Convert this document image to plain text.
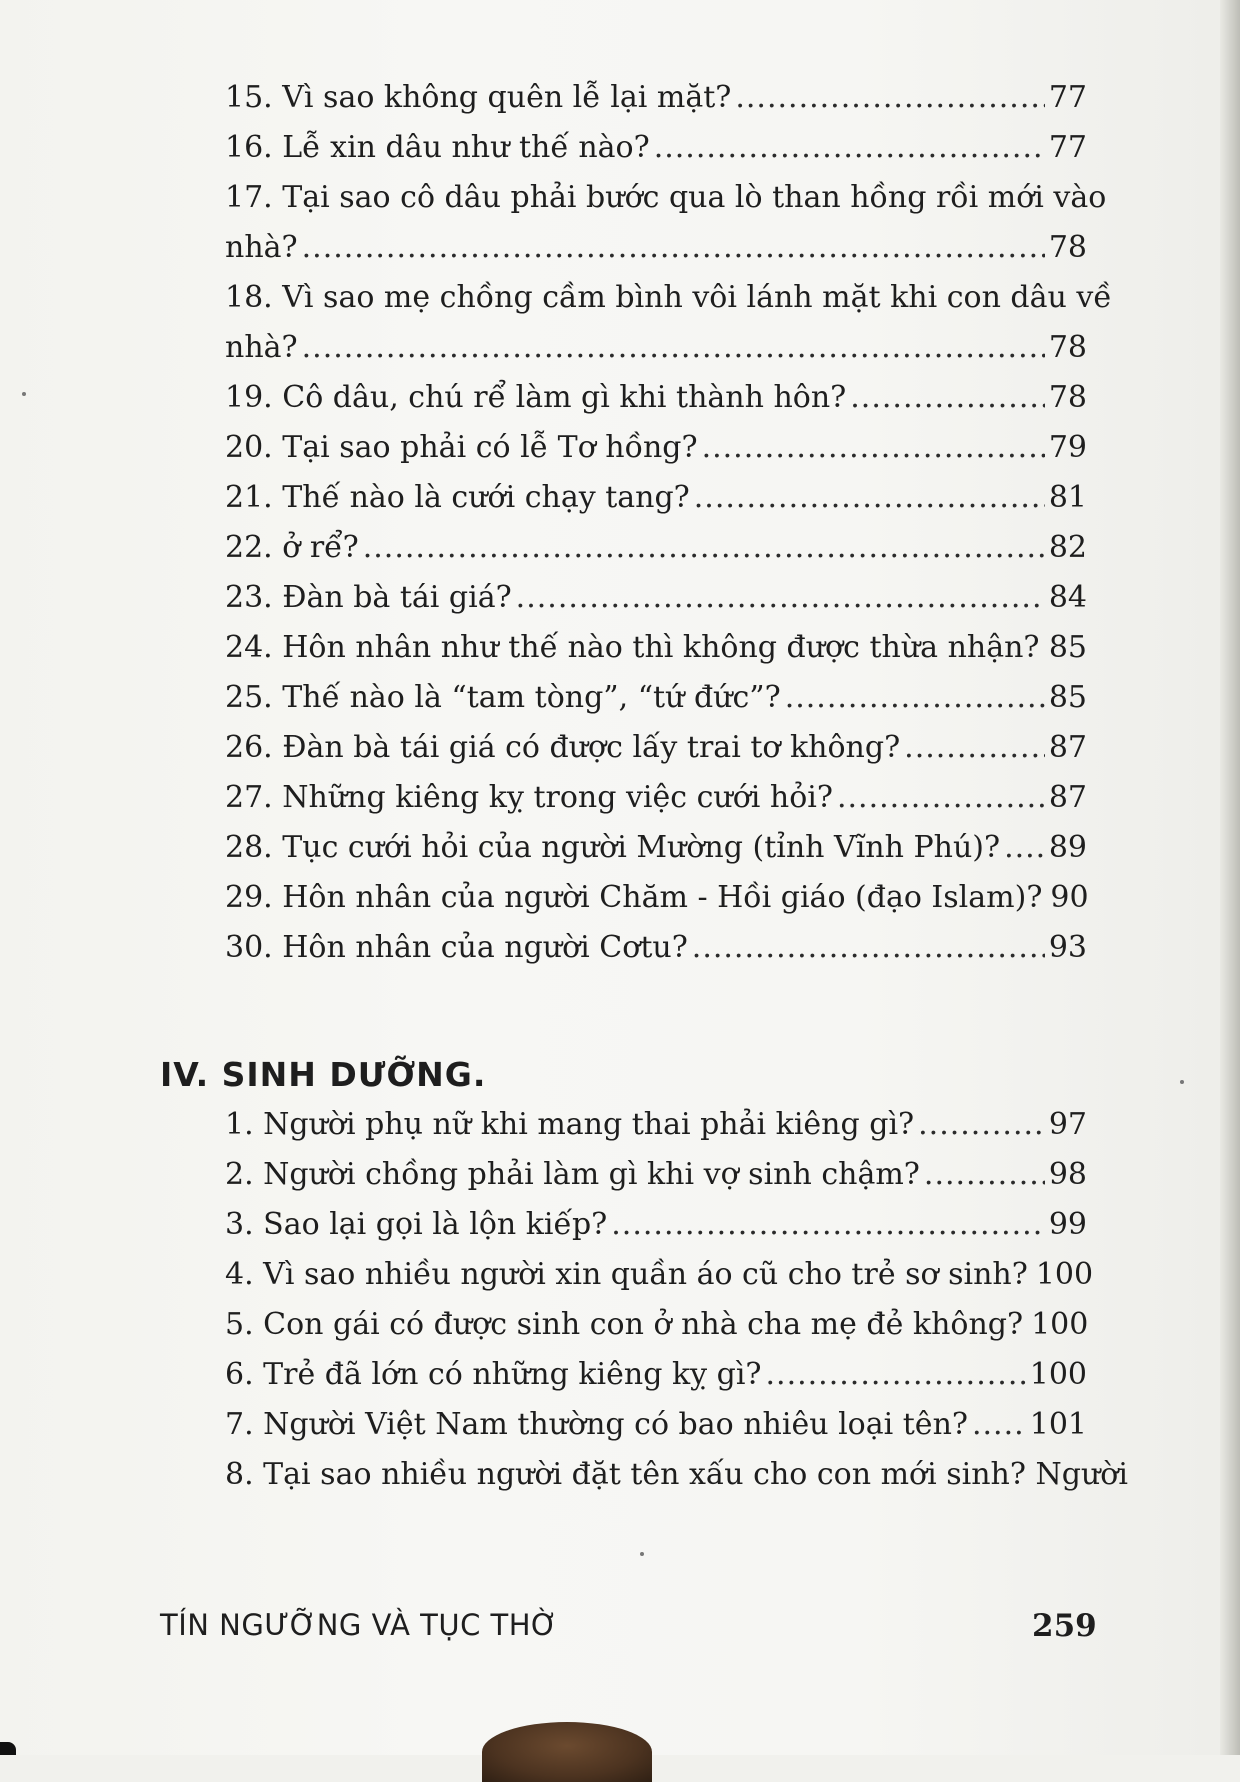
IV. SINH DƯỠNG.
TÍN NGƯỠNG VÀ TỤC THỜ	259
15. Vì sao không quên lễ lại mặt? .....	77
16. Lễ xin dâu như thế nào? .....	77
17. Tại sao cô dâu phải bước qua lò than hồng rồi mới vào
nhà? .....	78
18. Vì sao mẹ chồng cầm bình vôi lánh mặt khi con dâu về
nhà? .....	78
19. Cô dâu, chú rể làm gì khi thành hôn? .....	78
20. Tại sao phải có lễ Tơ hồng? .....	79
21. Thế nào là cưới chạy tang? .....	81
22. ở rể? .....	82
23. Đàn bà tái giá? .....	84
24. Hôn nhân như thế nào thì không được thừa nhận? ..... 85
25. Thế nào là “tam tòng”, “tứ đức”? .....	85
26. Đàn bà tái giá có được lấy trai tơ không? .....	87
27. Những kiêng kỵ trong việc cưới hỏi? .....	87
28. Tục cưới hỏi của người Mường (tỉnh Vĩnh Phú)? ..... 89
29. Hôn nhân của người Chăm - Hồi giáo (đạo Islam)? 90
30. Hôn nhân của người Cơtu? .....	93
1. Người phụ nữ khi mang thai phải kiêng gì? .....	97
2. Người chồng phải làm gì khi vợ sinh chậm? .....	98
3. Sao lại gọi là lộn kiếp? .....	99
4. Vì sao nhiều người xin quần áo cũ cho trẻ sơ sinh? 100
5. Con gái có được sinh con ở nhà cha mẹ đẻ không? 100
6. Trẻ đã lớn có những kiêng kỵ gì? .....	100
7. Người Việt Nam thường có bao nhiêu loại tên? ..... 101
8. Tại sao nhiều người đặt tên xấu cho con mới sinh? Người
